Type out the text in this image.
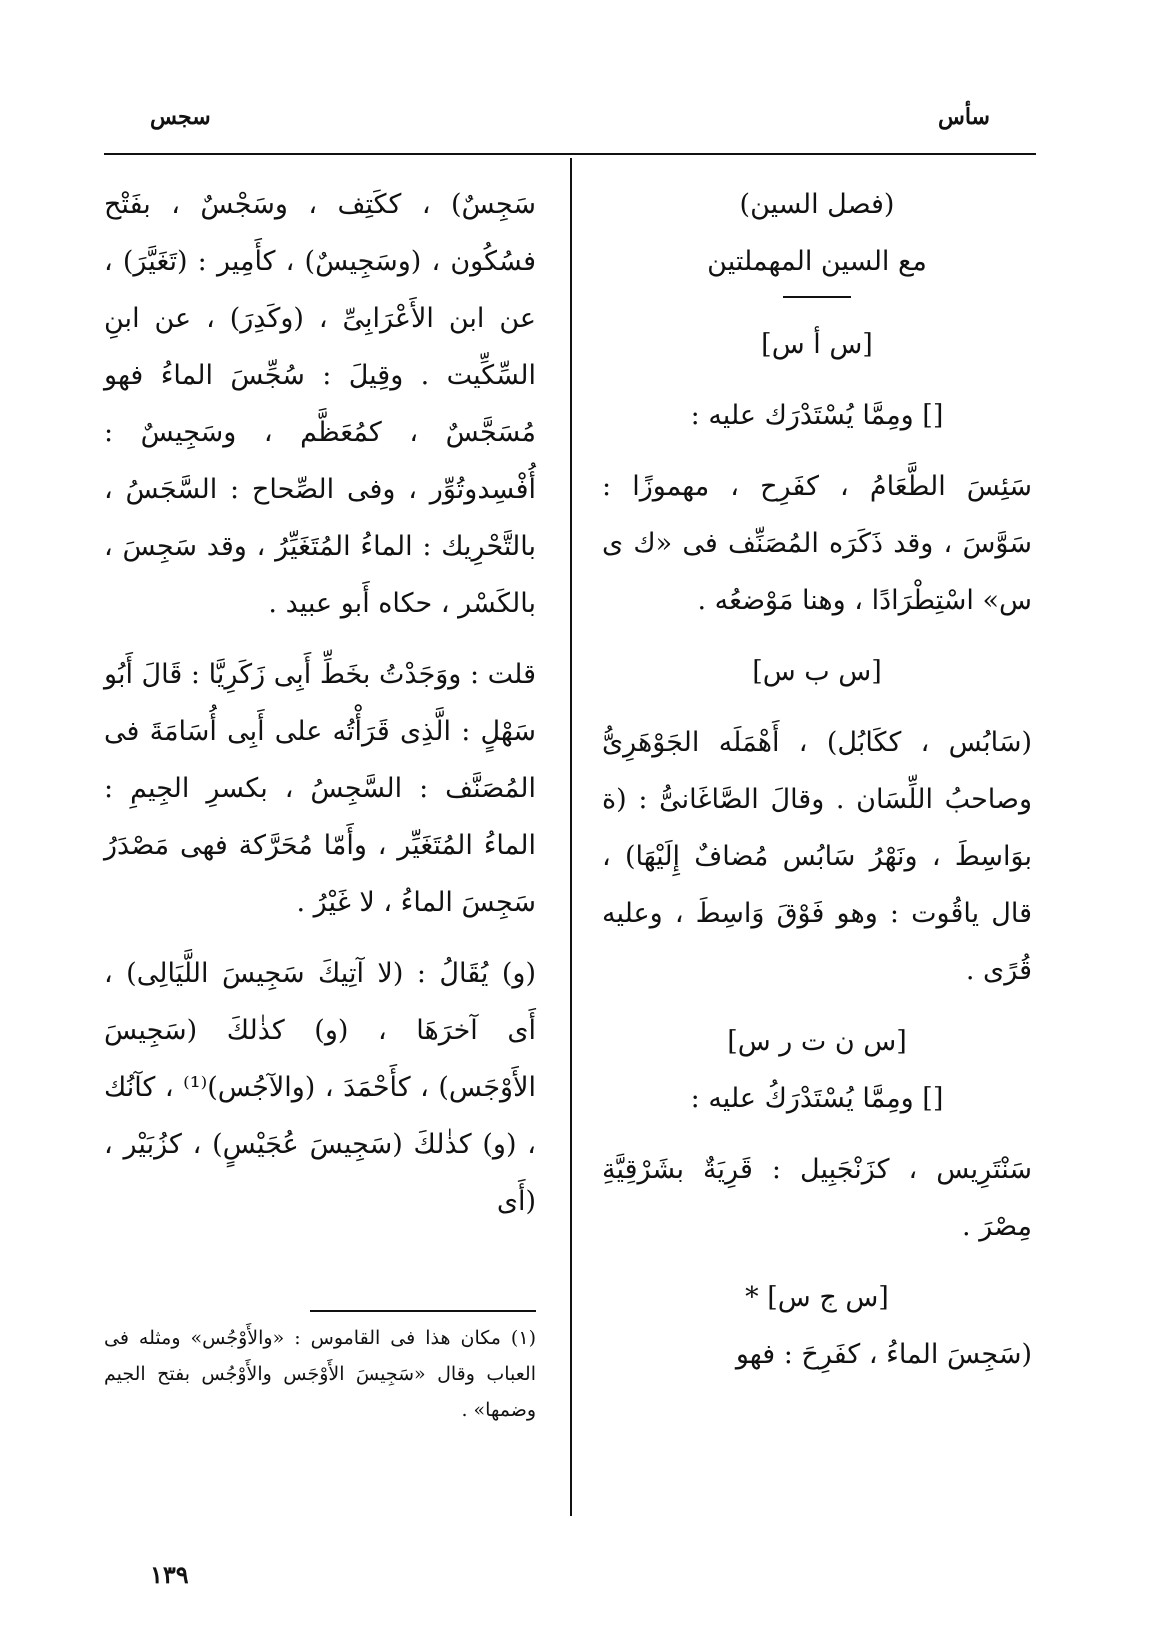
سأس
سجس

(فصل السين)

مع السين المهملتين

[س أ س]

[] ومِمَّا يُسْتَدْرَك عليه :

سَئِسَ الطَّعَامُ ، كفَرِح ، مهموزًا : سَوَّسَ ، وقد ذَكَرَه المُصَنِّف فى «ك ى س» اسْتِطْرَادًا ، وهنا مَوْضعُه .

[س ب س]

(سَابُس ، ككَابُل) ، أَهْمَلَه الجَوْهَرِىُّ وصاحبُ اللِّسَان . وقالَ الصَّاغَانىُّ : (ة بوَاسِطَ ، ونَهْرُ سَابُس مُضافٌ إِلَيْهَا) ، قال ياقُوت : وهو فَوْقَ وَاسِطَ ، وعليه قُرًى .

[س ن ت ر س]

[] ومِمَّا يُسْتَدْرَكُ عليه :

سَنْتَرِيس ، كزَنْجَبِيل : قَرِيَةٌ بشَرْقِيَّةِ مِصْرَ .

[س ج س] *

(سَجِسَ الماءُ ، كفَرِحَ : فهو

سَجِسٌ) ، ككَتِف ، وسَجْسٌ ، بفَتْح فسُكُون ، (وسَجِيسٌ) ، كأَمِير : (تَغَيَّرَ) ، عن ابن الأَعْرَابِىِّ ، (وكَدِرَ) ، عن ابنِ السِّكِّيت . وقِيلَ : سُجِّسَ الماءُ فهو مُسَجَّسٌ ، كمُعَظَّم ، وسَجِيسٌ : أُفْسِدوتُوِّر ، وفى الصِّحاح : السَّجَسُ ، بالتَّحْرِيك : الماءُ المُتَغَيِّرُ ، وقد سَجِسَ ، بالكَسْر ، حكاه أَبو عبيد .

قلت : ووَجَدْتُ بخَطِّ أَبِى زَكَرِيَّا : قَالَ أَبُو سَهْلٍ : الَّذِى قَرَأْتُه على أَبِى أُسَامَةَ فى المُصَنَّف : السَّجِسُ ، بكسرِ الجِيمِ : الماءُ المُتَغَيِّر ، وأَمّا مُحَرَّكة فهى مَصْدَرُ سَجِسَ الماءُ ، لا غَيْرُ .

(و) يُقَالُ : (لا آتِيكَ سَجِيسَ اللَّيَالِى) ، أَى آخرَهَا ، (و) كذٰلكَ (سَجِيسَ الأَوْجَس) ، كأَحْمَدَ ، (والآجُس)⁽¹⁾ ، كآنُك ، (و) كذٰلكَ (سَجِيسَ عُجَيْسٍ) ، كزُبَيْر ، (أَى

(١) مكان هذا فى القاموس : «والأَوْجُس» ومثله فى العباب وقال «سَجِيسَ الأَوْجَس والأَوْجُس بفتح الجيم وضمها» .
١٣٩
